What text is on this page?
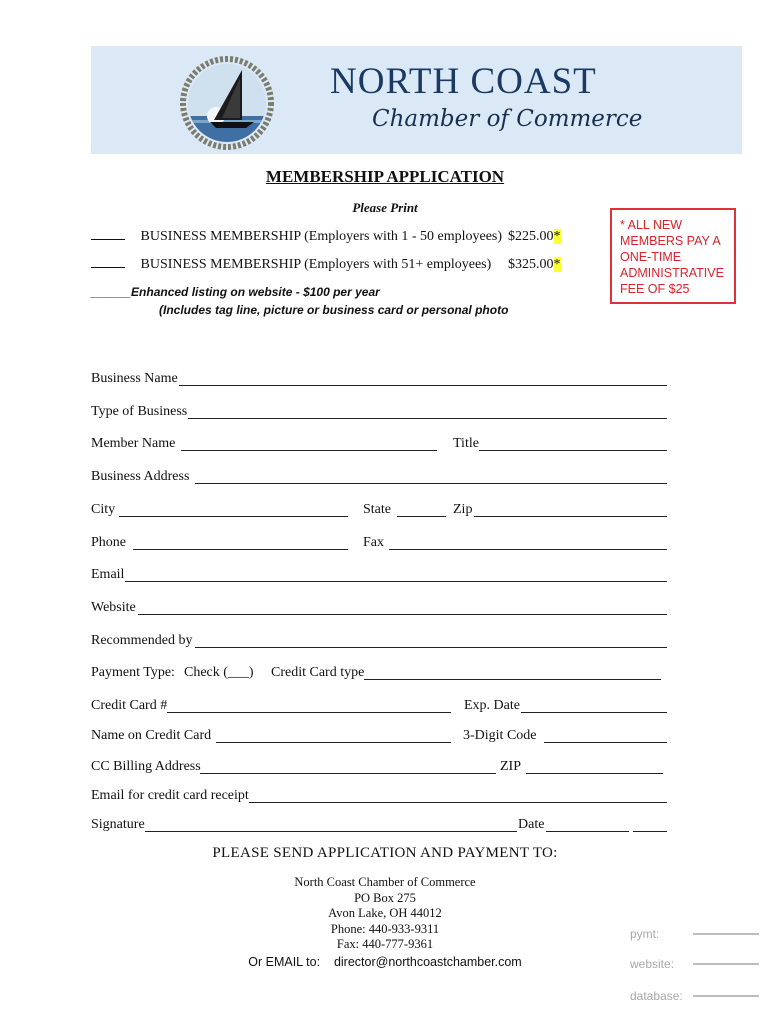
NORTH COAST
Chamber of Commerce
MEMBERSHIP APPLICATION
Please Print
BUSINESS MEMBERSHIP (Employers with 1 - 50 employees) $225.00*
BUSINESS MEMBERSHIP (Employers with 51+ employees) $325.00*
______Enhanced listing on website - $100 per year
(Includes tag line, picture or business card or personal photo
* ALL NEW MEMBERS PAY A ONE-TIME ADMINISTRATIVE FEE OF $25
Business Name
Type of Business
Member Name	Title
Business Address
City	State	Zip
Phone	Fax
Email
Website
Recommended by
Payment Type: Check (___) Credit Card type
Credit Card #	Exp. Date
Name on Credit Card	3-Digit Code
CC Billing Address	ZIP
Email for credit card receipt
Signature	Date
PLEASE SEND APPLICATION AND PAYMENT TO:
North Coast Chamber of Commerce
PO Box 275
Avon Lake, OH 44012
Phone: 440-933-9311
Fax: 440-777-9361
Or EMAIL to: director@northcoastchamber.com
pymt:
website:
database:
